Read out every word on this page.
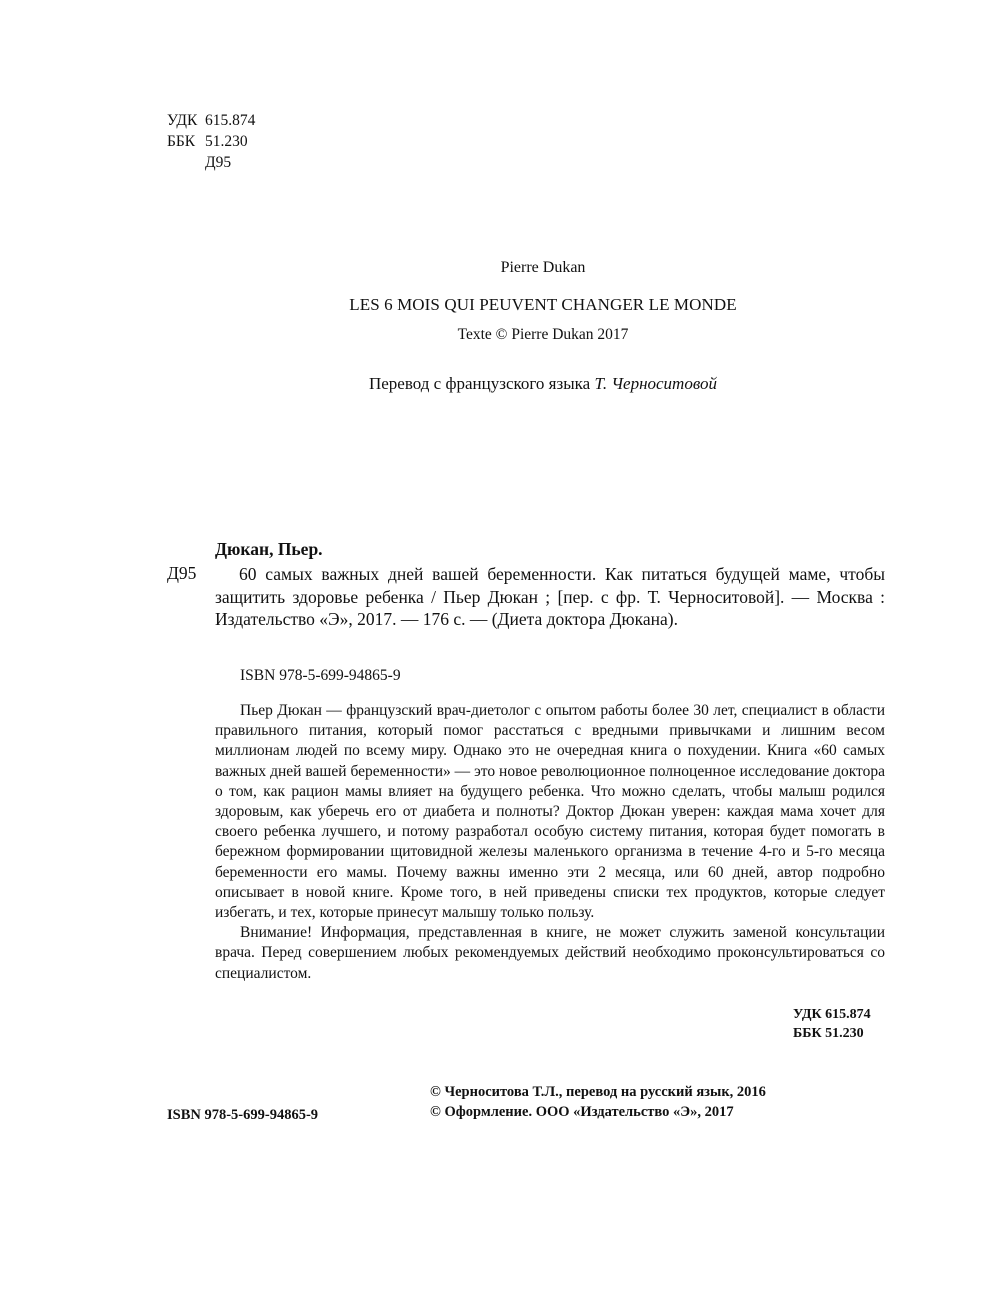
УДК 615.874
ББК 51.230
Д95
Pierre Dukan
LES 6 MOIS QUI PEUVENT CHANGER LE MONDE
Texte © Pierre Dukan 2017
Перевод с французского языка Т. Черноситовой
Дюкан, Пьер.
Д95	60 самых важных дней вашей беременности. Как питаться будущей маме, чтобы защитить здоровье ребенка / Пьер Дюкан ; [пер. с фр. Т. Черноситовой]. — Москва : Издательство «Э», 2017. — 176 с. — (Диета доктора Дюкана).
ISBN 978-5-699-94865-9

Пьер Дюкан — французский врач-диетолог с опытом работы более 30 лет, специалист в области правильного питания, который помог расстаться с вредными привычками и лишним весом миллионам людей по всему миру. Однако это не очередная книга о похудении. Книга «60 самых важных дней вашей беременности» — это новое революционное полноценное исследование доктора о том, как рацион мамы влияет на будущего ребенка. Что можно сделать, чтобы малыш родился здоровым, как уберечь его от диабета и полноты? Доктор Дюкан уверен: каждая мама хочет для своего ребенка лучшего, и потому разработал особую систему питания, которая будет помогать в бережном формировании щитовидной железы маленького организма в течение 4-го и 5-го месяца беременности его мамы. Почему важны именно эти 2 месяца, или 60 дней, автор подробно описывает в новой книге. Кроме того, в ней приведены списки тех продуктов, которые следует избегать, и тех, которые принесут малышу только пользу.

Внимание! Информация, представленная в книге, не может служить заменой консультации врача. Перед совершением любых рекомендуемых действий необходимо проконсультироваться со специалистом.

УДК 615.874
ББК 51.230
© Черноситова Т.Л., перевод на русский язык, 2016
© Оформление. ООО «Издательство «Э», 2017
ISBN 978-5-699-94865-9
